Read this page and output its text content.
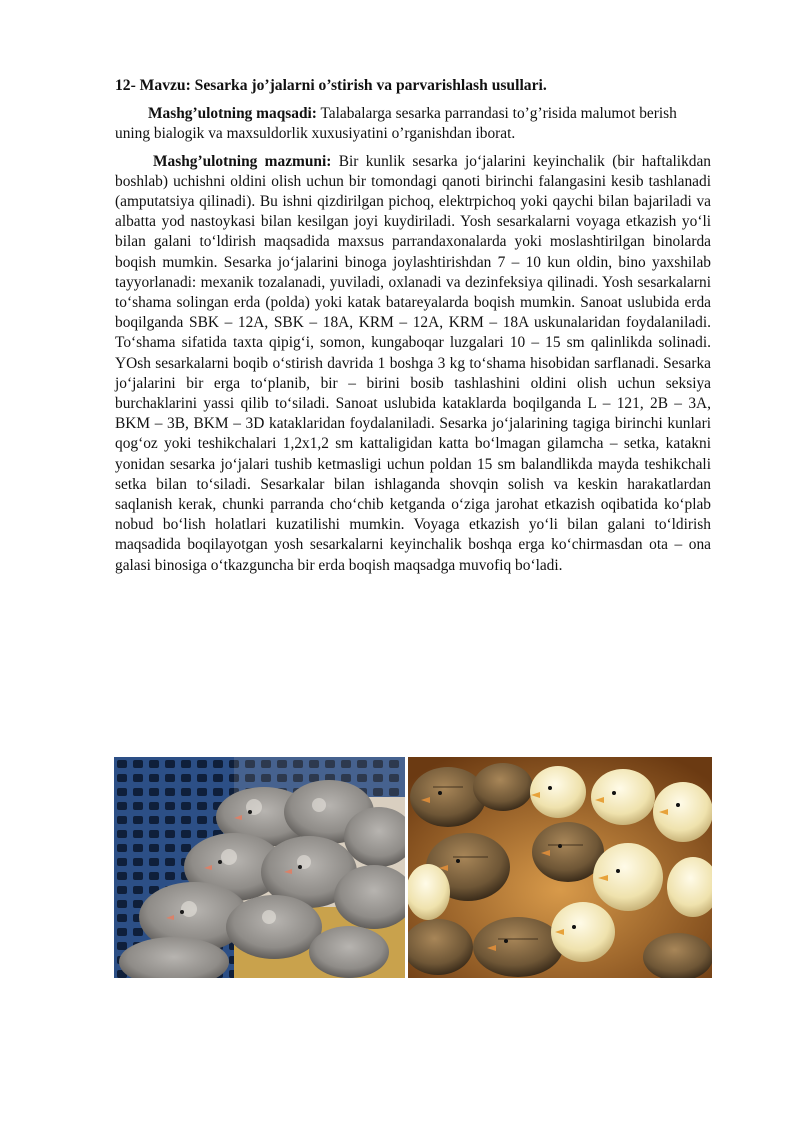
12- Mavzu: Sesarka jo’jalarni o’stirish va parvarishlash usullari.

Mashg’ulotning maqsadi: Talabalarga sesarka parrandasi to’g’risida malumot berish uning bialogik va maxsuldorlik xuxusiyatini o’rganishdan iborat.

Mashg’ulotning mazmuni: Bir kunlik sesarka jo‘jalarini keyinchalik (bir haftalikdan boshlab) uchishni oldini olish uchun bir tomondagi qanoti birinchi falangasini kesib tashlanadi (amputatsiya qilinadi). Bu ishni qizdirilgan pichoq, elektrpichoq yoki qaychi bilan bajariladi va albatta yod nastoykasi bilan kesilgan joyi kuydiriladi. Yosh sesarkalarni voyaga etkazish yo‘li bilan galani to‘ldirish maqsadida maxsus parrandaxonalarda yoki moslashtirilgan binolarda boqish mumkin. Sesarka jo‘jalarini binoga joylashtirishdan 7 – 10 kun oldin, bino yaxshilab tayyorlanadi: mexanik tozalanadi, yuviladi, oxlanadi va dezinfeksiya qilinadi. Yosh sesarkalarni to‘shama solingan erda (polda) yoki katak batareyalarda boqish mumkin. Sanoat uslubida erda boqilganda SBK – 12A, SBK – 18A, KRM – 12A, KRM – 18A uskunalaridan foydalaniladi. To‘shama sifatida taxta qipig‘i, somon, kungaboqar luzgalari 10 – 15 sm qalinlikda solinadi. YOsh sesarkalarni boqib o‘stirish davrida 1 boshga 3 kg to‘shama hisobidan sarflanadi. Sesarka jo‘jalarini bir erga to‘planib, bir – birini bosib tashlashini oldini olish uchun seksiya burchaklarini yassi qilib to‘siladi. Sanoat uslubida kataklarda boqilganda L – 121, 2B – 3A, BKM – 3B, BKM – 3D kataklaridan foydalaniladi. Sesarka jo‘jalarining tagiga birinchi kunlari qog‘oz yoki teshikchalari 1,2x1,2 sm kattaligidan katta bo‘lmagan gilamcha – setka, katakni yonidan sesarka jo‘jalari tushib ketmasligi uchun poldan 15 sm balandlikda mayda teshikchali setka bilan to‘siladi. Sesarkalar bilan ishlaganda shovqin solish va keskin harakatlardan saqlanish kerak, chunki parranda cho‘chib ketganda o‘ziga jarohat etkazish oqibatida ko‘plab nobud bo‘lish holatlari kuzatilishi mumkin. Voyaga etkazish yo‘li bilan galani to‘ldirish maqsadida boqilayotgan yosh sesarkalarni keyinchalik boshqa erga ko‘chirmasdan ota – ona galasi binosiga o‘tkazguncha bir erda boqish maqsadga muvofiq bo‘ladi.
